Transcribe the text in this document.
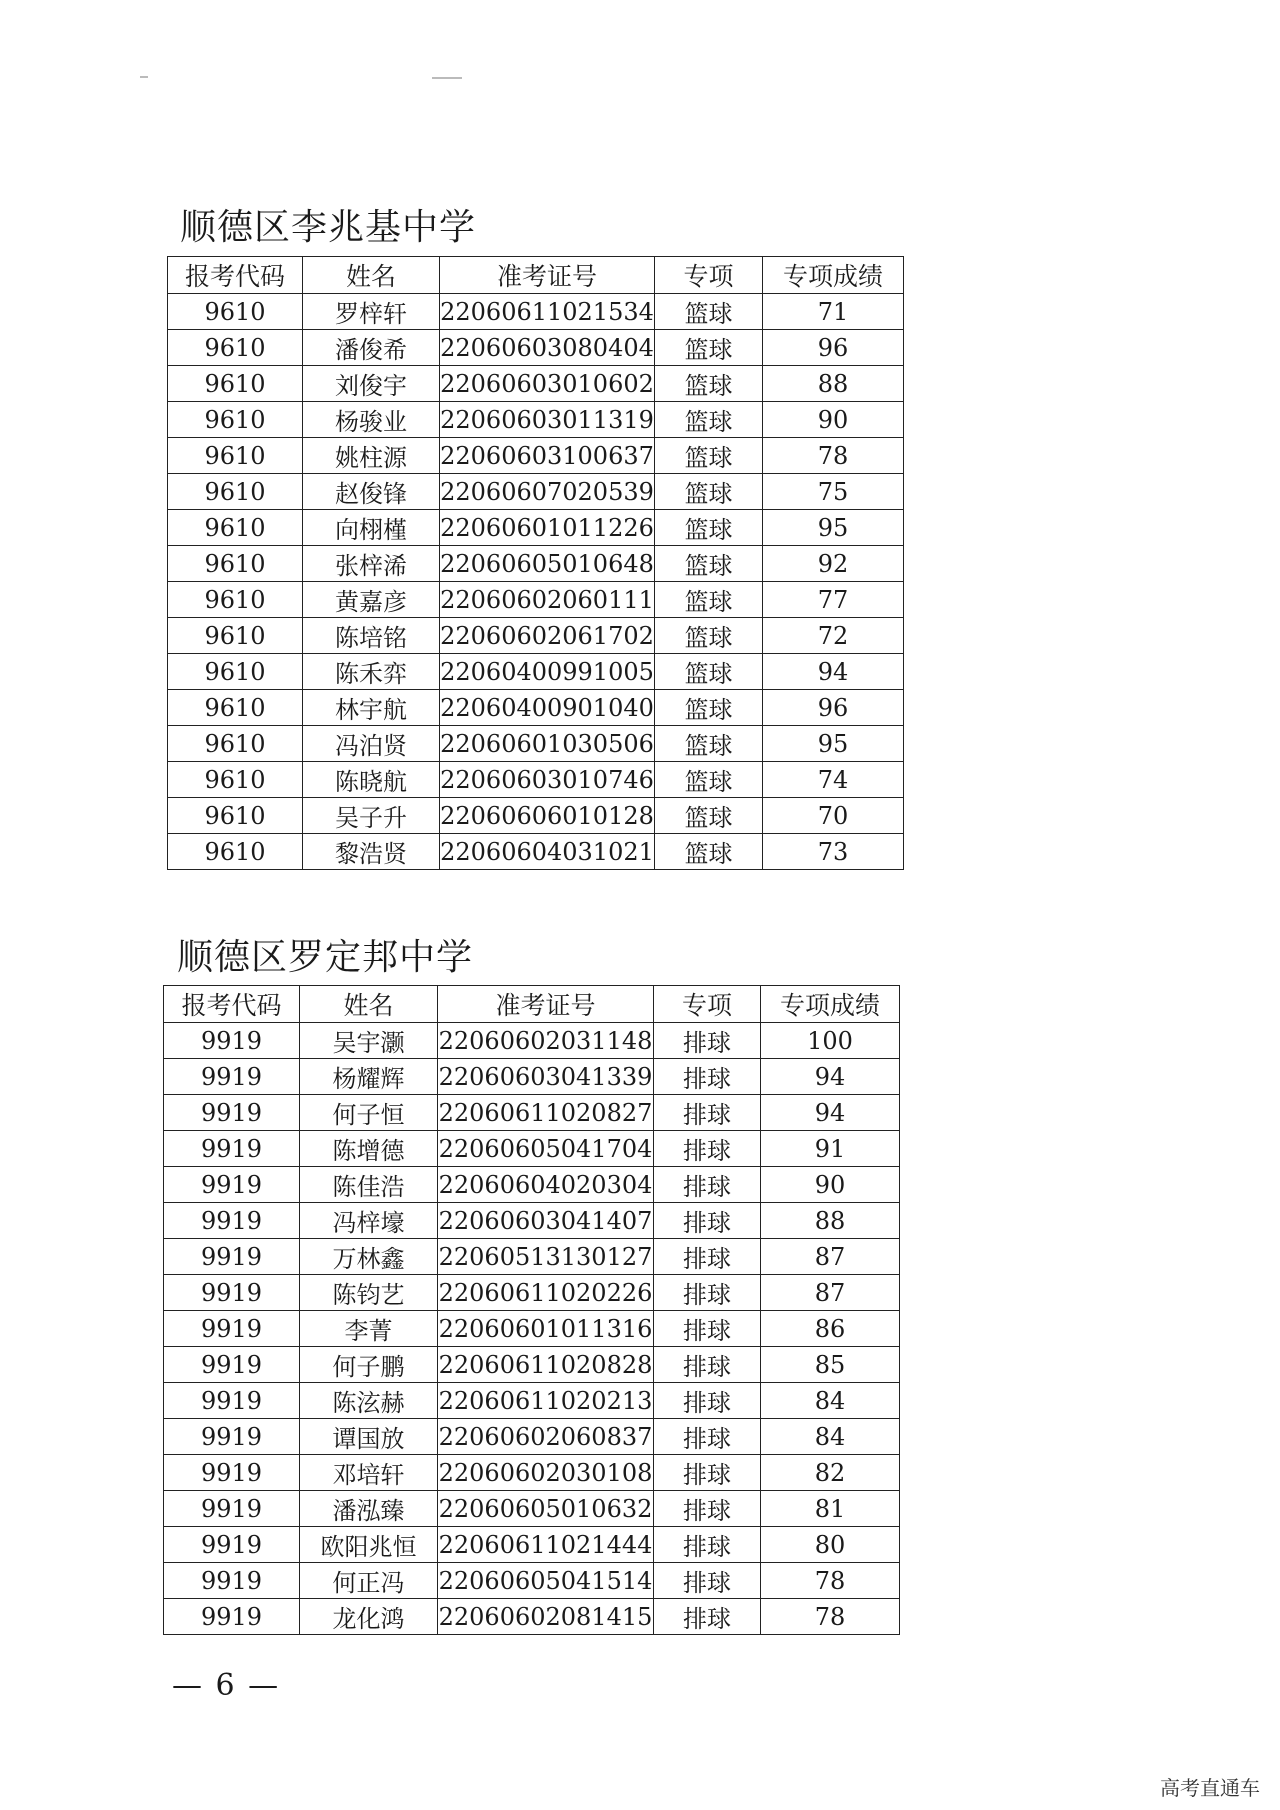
顺德区李兆基中学
报考代码	姓名	准考证号	专项	专项成绩
9610	罗梓轩	22060611021534	篮球	71
9610	潘俊希	22060603080404	篮球	96
9610	刘俊宇	22060603010602	篮球	88
9610	杨骏业	22060603011319	篮球	90
9610	姚柱源	22060603100637	篮球	78
9610	赵俊锋	22060607020539	篮球	75
9610	向栩槿	22060601011226	篮球	95
9610	张梓浠	22060605010648	篮球	92
9610	黄嘉彦	22060602060111	篮球	77
9610	陈培铭	22060602061702	篮球	72
9610	陈禾弈	22060400991005	篮球	94
9610	林宇航	22060400901040	篮球	96
9610	冯泊贤	22060601030506	篮球	95
9610	陈晓航	22060603010746	篮球	74
9610	吴子升	22060606010128	篮球	70
9610	黎浩贤	22060604031021	篮球	73
顺德区罗定邦中学
报考代码	姓名	准考证号	专项	专项成绩
9919	吴宇灏	22060602031148	排球	100
9919	杨耀辉	22060603041339	排球	94
9919	何子恒	22060611020827	排球	94
9919	陈增德	22060605041704	排球	91
9919	陈佳浩	22060604020304	排球	90
9919	冯梓壕	22060603041407	排球	88
9919	万林鑫	22060513130127	排球	87
9919	陈钧艺	22060611020226	排球	87
9919	李菁	22060601011316	排球	86
9919	何子鹏	22060611020828	排球	85
9919	陈泫赫	22060611020213	排球	84
9919	谭国放	22060602060837	排球	84
9919	邓培轩	22060602030108	排球	82
9919	潘泓臻	22060605010632	排球	81
9919	欧阳兆恒	22060611021444	排球	80
9919	何正冯	22060605041514	排球	78
9919	龙化鸿	22060602081415	排球	78
— 6 —
高考直通车
